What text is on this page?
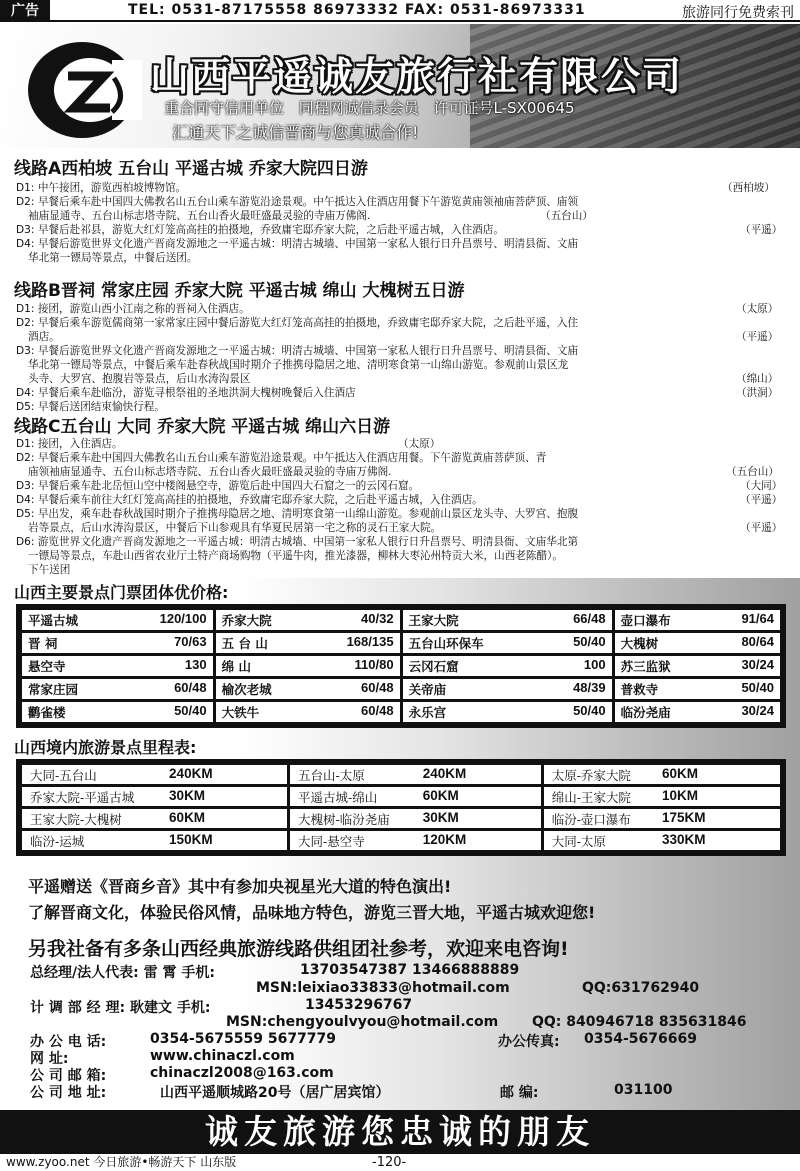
广告	TEL: 0531-87175558 86973332 FAX: 0531-86973331	旅游同行免费索刊
山西平遥诚友旅行社有限公司
重合同守信用单位 同程网诚信录会员 许可证号L-SX00645
汇通天下之诚信晋商与您真诚合作!
线路A西柏坡 五台山 平遥古城 乔家大院四日游
D1: 中午接团，游览西柏坡博物馆。
D2: 早餐后乘车赴中国四大佛教名山五台山乘车游览沿途景观。中午抵达入住酒店用餐下午游览黄庙领袖庙菩萨顶、庙领
袖庙显通寺、五台山标志塔寺院、五台山香火最旺盛最灵验的寺庙万佛阁.
D3: 早餐后赴祁县，游览大红灯笼高高挂的拍摄地，乔致庸宅邸乔家大院，之后赴平遥古城，入住酒店。
D4: 早餐后游览世界文化遗产晋商发源地之一平遥古城：明清古城墙、中国第一家私人银行日升昌票号、明清县衙、文庙
华北第一镖局等景点，中餐后送团。
（西柏坡）
（五台山）
（平遥）
线路B晋祠 常家庄园 乔家大院 平遥古城 绵山 大槐树五日游
D1: 接团，游览山西小江南之称的晋祠入住酒店。
D2: 早餐后乘车游览儒商第一家常家庄园中餐后游览大红灯笼高高挂的拍摄地，乔致庸宅邸乔家大院，之后赴平遥，入住
酒店。
D3: 早餐后游览世界文化遗产晋商发源地之一平遥古城：明清古城墙、中国第一家私人银行日升昌票号、明清县衙、文庙
华北第一镖局等景点，中餐后乘车赴春秋战国时期介子推携母隐居之地、清明寒食第一山绵山游览。参观前山景区龙
头寺、大罗宫、抱腹岩等景点，后山水涛沟景区
D4: 早餐后乘车赴临汾，游览寻根祭祖的圣地洪洞大槐树晚餐后入住酒店
D5: 早餐后送团结束愉快行程。
（太原）
（平遥）
（绵山）
（洪洞）
线路C五台山 大同 乔家大院 平遥古城 绵山六日游
D1: 接团，入住酒店。
D2: 早餐后乘车赴中国四大佛教名山五台山乘车游览沿途景观。中午抵达入住酒店用餐。下午游览黄庙菩萨顶、青
庙领袖庙显通寺、五台山标志塔寺院、五台山香火最旺盛最灵验的寺庙万佛阁.
D3: 早餐后乘车赴北岳恒山空中楼阁悬空寺，游览后赴中国四大石窟之一的云冈石窟。
D4: 早餐后乘车前往大红灯笼高高挂的拍摄地，乔致庸宅邸乔家大院，之后赴平遥古城，入住酒店。
D5: 早出发，乘车赴春秋战国时期介子推携母隐居之地、清明寒食第一山绵山游览。参观前山景区龙头寺、大罗宫、抱腹
岩等景点，后山水涛沟景区，中餐后下山参观具有华夏民居第一宅之称的灵石王家大院。
D6: 游览世界文化遗产晋商发源地之一平遥古城：明清古城墙、中国第一家私人银行日升昌票号、明清县衙、文庙华北第
一镖局等景点，车赴山西省农业厅土特产商场购物（平遥牛肉，推光漆器，柳林大枣沁州特贡大米，山西老陈醋）。
下午送团
（太原）
（五台山）
（大同）
（平遥）
（平遥）
山西主要景点门票团体优价格:
平遥古城 120/100	乔家大院 40/32	王家大院 66/48	壶口瀑布 91/64

晋 祠 70/63	五 台 山 168/135	五台山环保车 50/40	大槐树 80/64

悬空寺 130	绵 山 110/80	云冈石窟 100	苏三监狱 30/24

常家庄园 60/48	榆次老城 60/48	关帝庙 48/39	普救寺 50/40

鹳雀楼 50/40	大铁牛 60/48	永乐宫 50/40	临汾尧庙 30/24
山西境内旅游景点里程表:
大同-五台山 240KM	五台山-太原 240KM	太原-乔家大院 60KM

乔家大院-平遥古城 30KM	平遥古城-绵山 60KM	绵山-王家大院 10KM

王家大院-大槐树 60KM	大槐树-临汾尧庙 30KM	临汾-壶口瀑布 175KM

临汾-运城 150KM	大同-悬空寺 120KM	大同-太原 330KM
平遥赠送《晋商乡音》其中有参加央视星光大道的特色演出!
了解晋商文化，体验民俗风情，品味地方特色，游览三晋大地，平遥古城欢迎您!
另我社备有多条山西经典旅游线路供组团社参考，欢迎来电咨询!
总经理/法人代表: 雷 霄 手机:	13703547387 13466888889
MSN:leixiao33833@hotmail.com	QQ:631762940
计 调 部 经 理: 耿建文 手机:	13453296767
MSN:chengyoulvyou@hotmail.com QQ: 840946718 835631846
办 公 电 话:	0354-5675559 5677779	办公传真: 0354-5676669
网 址:	www.chinaczl.com
公 司 邮 箱:	chinaczl2008@163.com
公 司 地 址:	山西平遥顺城路20号（居广居宾馆）	邮 编:	031100
诚友旅游您忠诚的朋友
www.zyoo.net 今日旅游•畅游天下 山东版	-120-
